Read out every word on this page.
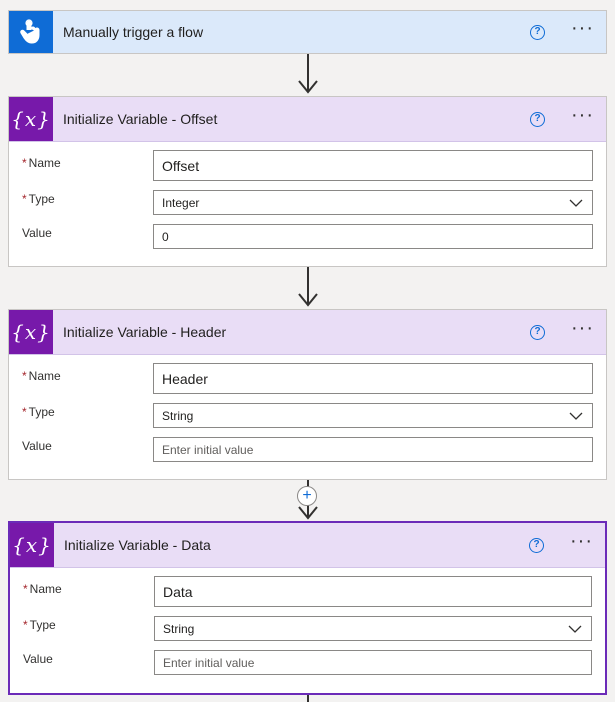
Manually trigger a flow	? ···
{x} Initialize Variable - Offset	? ···
* Name	Offset
* Type	Integer
Value	0
{x} Initialize Variable - Header	? ···
* Name	Header
* Type	String
Value	Enter initial value
+
{x} Initialize Variable - Data	? ···
* Name	Data
* Type	String
Value	Enter initial value
